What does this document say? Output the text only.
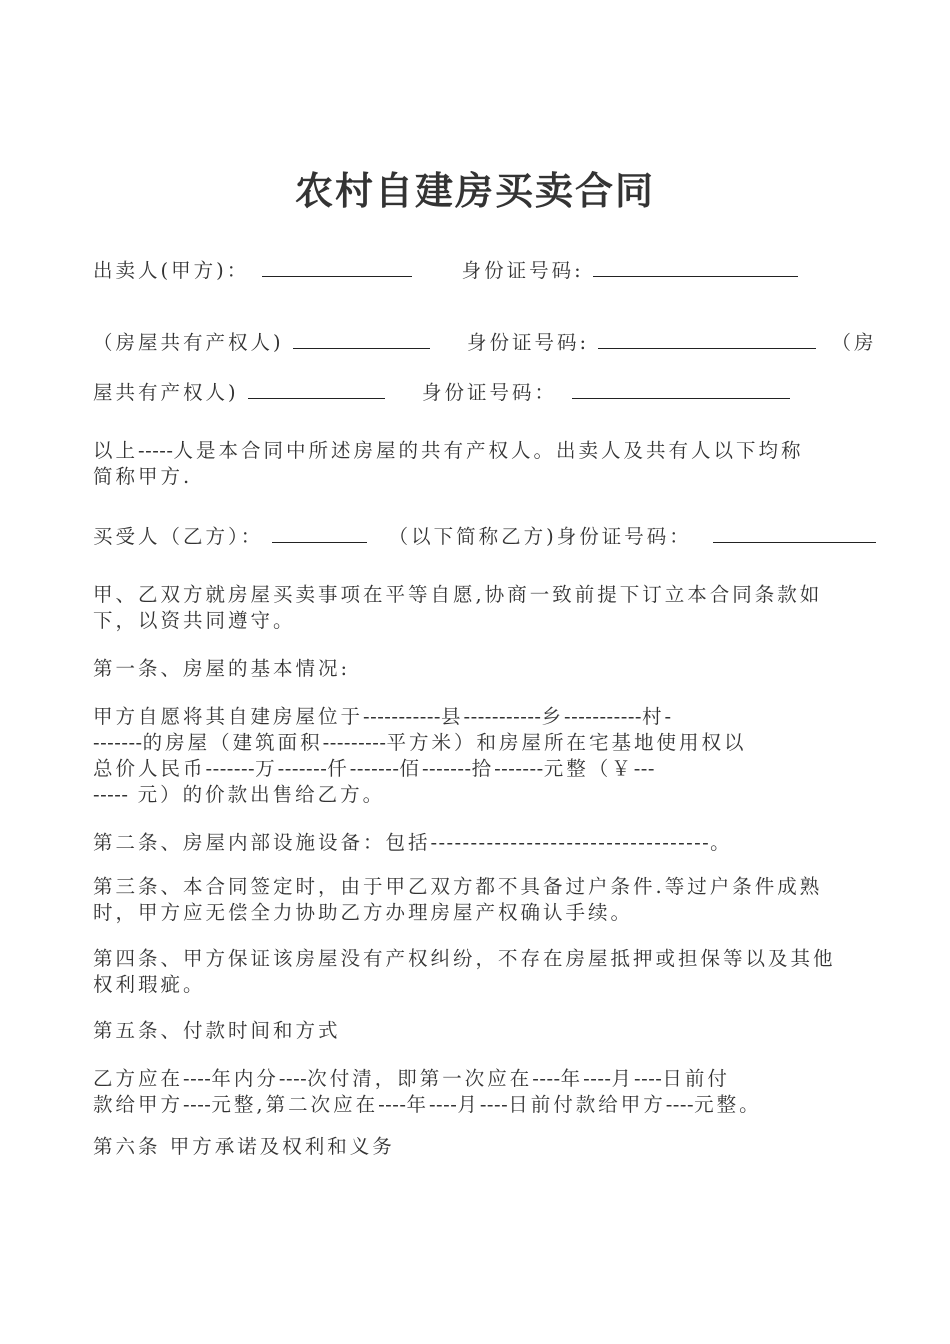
农村自建房买卖合同
出卖人(甲方)：	身份证号码:
（房屋共有产权人)	身份证号码:	（房
屋共有产权人)	身份证号码：
以上-----人是本合同中所述房屋的共有产权人。出卖人及共有人以下均称
简称甲方.
买受人（乙方）：	（以下简称乙方)身份证号码：
甲、乙双方就房屋买卖事项在平等自愿,协商一致前提下订立本合同条款如
下，以资共同遵守。
第一条、房屋的基本情况:
甲方自愿将其自建房屋位于-----------县-----------乡-----------村-
-------的房屋（建筑面积---------平方米）和房屋所在宅基地使用权以
总价人民币-------万-------仟-------佰-------拾-------元整（￥---
----- 元）的价款出售给乙方。
第二条、房屋内部设施设备：包括-----------------------------------。
第三条、本合同签定时，由于甲乙双方都不具备过户条件.等过户条件成熟
时，甲方应无偿全力协助乙方办理房屋产权确认手续。
第四条、甲方保证该房屋没有产权纠纷，不存在房屋抵押或担保等以及其他
权利瑕疵。
第五条、付款时间和方式
乙方应在----年内分----次付清，即第一次应在----年----月----日前付
款给甲方----元整,第二次应在----年----月----日前付款给甲方----元整。
第六条 甲方承诺及权利和义务
